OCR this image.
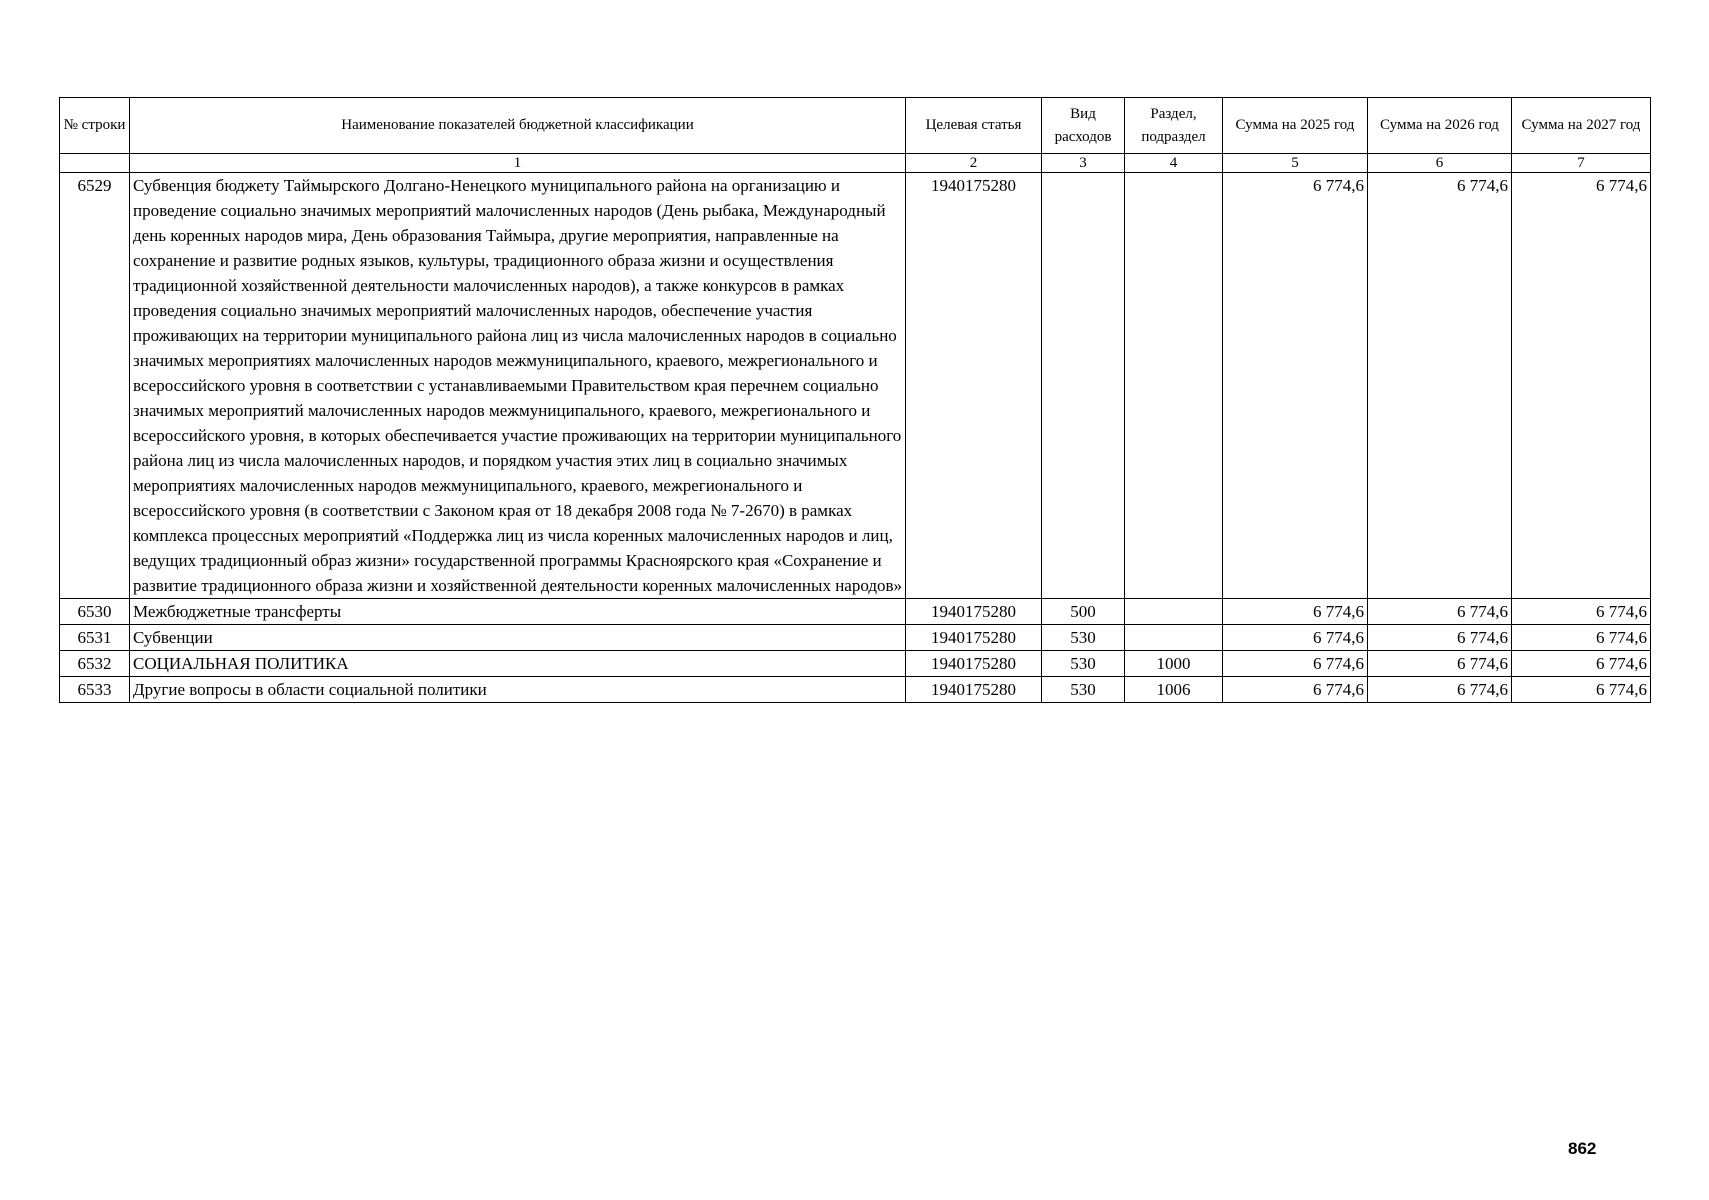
№ строки	Наименование показателей бюджетной классификации	Целевая статья	Вид расходов	Раздел, подраздел	Сумма на 2025 год	Сумма на 2026 год	Сумма на 2027 год
	1	2	3	4	5	6	7
6529	Субвенция бюджету Таймырского Долгано-Ненецкого муниципального района на организацию и проведение социально значимых мероприятий малочисленных народов (День рыбака, Международный день коренных народов мира, День образования Таймыра, другие мероприятия, направленные на сохранение и развитие родных языков, культуры, традиционного образа жизни и осуществления традиционной хозяйственной деятельности малочисленных народов), а также конкурсов в рамках проведения социально значимых мероприятий малочисленных народов, обеспечение участия проживающих на территории муниципального района лиц из числа малочисленных народов в социально значимых мероприятиях малочисленных народов межмуниципального, краевого, межрегионального и всероссийского уровня в соответствии с устанавливаемыми Правительством края перечнем социально значимых мероприятий малочисленных народов межмуниципального, краевого, межрегионального и всероссийского уровня, в которых обеспечивается участие проживающих на территории муниципального района лиц из числа малочисленных народов, и порядком участия этих лиц в социально значимых мероприятиях малочисленных народов межмуниципального, краевого, межрегионального и всероссийского уровня (в соответствии с Законом края от 18 декабря 2008 года № 7-2670) в рамках комплекса процессных мероприятий «Поддержка лиц из числа коренных малочисленных народов и лиц, ведущих традиционный образ жизни» государственной программы Красноярского края «Сохранение и развитие традиционного образа жизни и хозяйственной деятельности коренных малочисленных народов»	1940175280			6 774,6	6 774,6	6 774,6
6530	Межбюджетные трансферты	1940175280	500		6 774,6	6 774,6	6 774,6
6531	Субвенции	1940175280	530		6 774,6	6 774,6	6 774,6
6532	СОЦИАЛЬНАЯ ПОЛИТИКА	1940175280	530	1000	6 774,6	6 774,6	6 774,6
6533	Другие вопросы в области социальной политики	1940175280	530	1006	6 774,6	6 774,6	6 774,6
862
